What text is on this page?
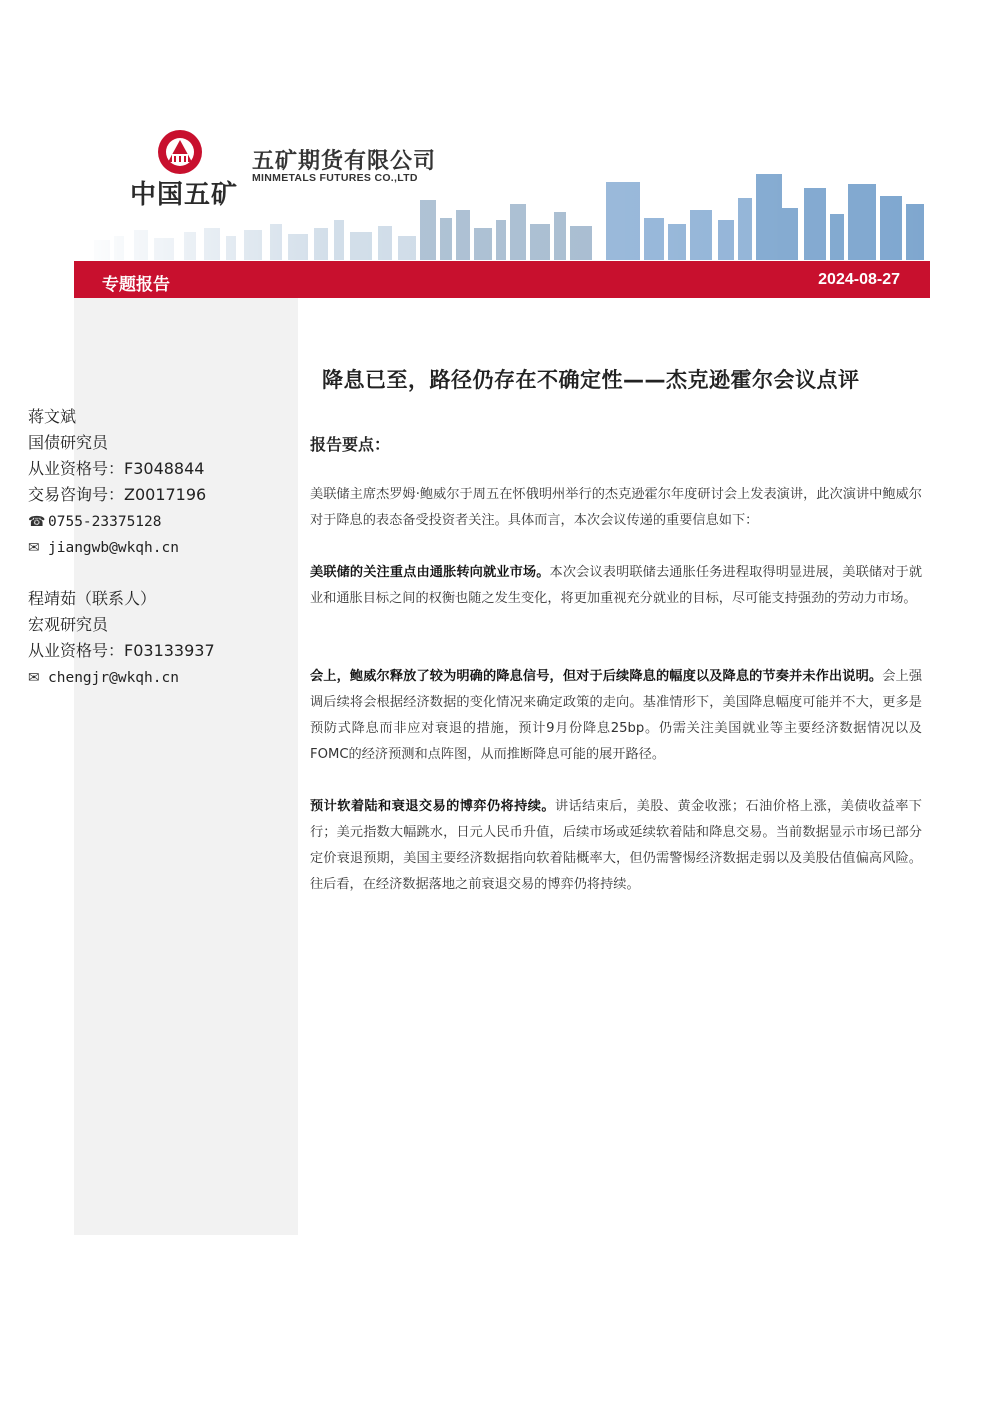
中国五矿
五矿期货有限公司
MINMETALS FUTURES CO.,LTD
专题报告	2024-08-27
蒋文斌
国债研究员
从业资格号：F3048844
交易咨询号：Z0017196
☎ 0755-23375128
✉ jiangwb@wkqh.cn
程靖茹（联系人）
宏观研究员
从业资格号：F03133937
✉ chengjr@wkqh.cn
降息已至，路径仍存在不确定性——杰克逊霍尔会议点评
报告要点：
美联储主席杰罗姆·鲍威尔于周五在怀俄明州举行的杰克逊霍尔年度研讨会上发表演讲，此次演讲中鲍威尔对于降息的表态备受投资者关注。具体而言，本次会议传递的重要信息如下：
美联储的关注重点由通胀转向就业市场。本次会议表明联储去通胀任务进程取得明显进展，美联储对于就业和通胀目标之间的权衡也随之发生变化，将更加重视充分就业的目标，尽可能支持强劲的劳动力市场。
会上，鲍威尔释放了较为明确的降息信号，但对于后续降息的幅度以及降息的节奏并未作出说明。会上强调后续将会根据经济数据的变化情况来确定政策的走向。基准情形下，美国降息幅度可能并不大，更多是预防式降息而非应对衰退的措施，预计9月份降息25bp。仍需关注美国就业等主要经济数据情况以及FOMC的经济预测和点阵图，从而推断降息可能的展开路径。
预计软着陆和衰退交易的博弈仍将持续。讲话结束后，美股、黄金收涨；石油价格上涨，美债收益率下行；美元指数大幅跳水，日元人民币升值，后续市场或延续软着陆和降息交易。当前数据显示市场已部分定价衰退预期，美国主要经济数据指向软着陆概率大，但仍需警惕经济数据走弱以及美股估值偏高风险。往后看，在经济数据落地之前衰退交易的博弈仍将持续。
